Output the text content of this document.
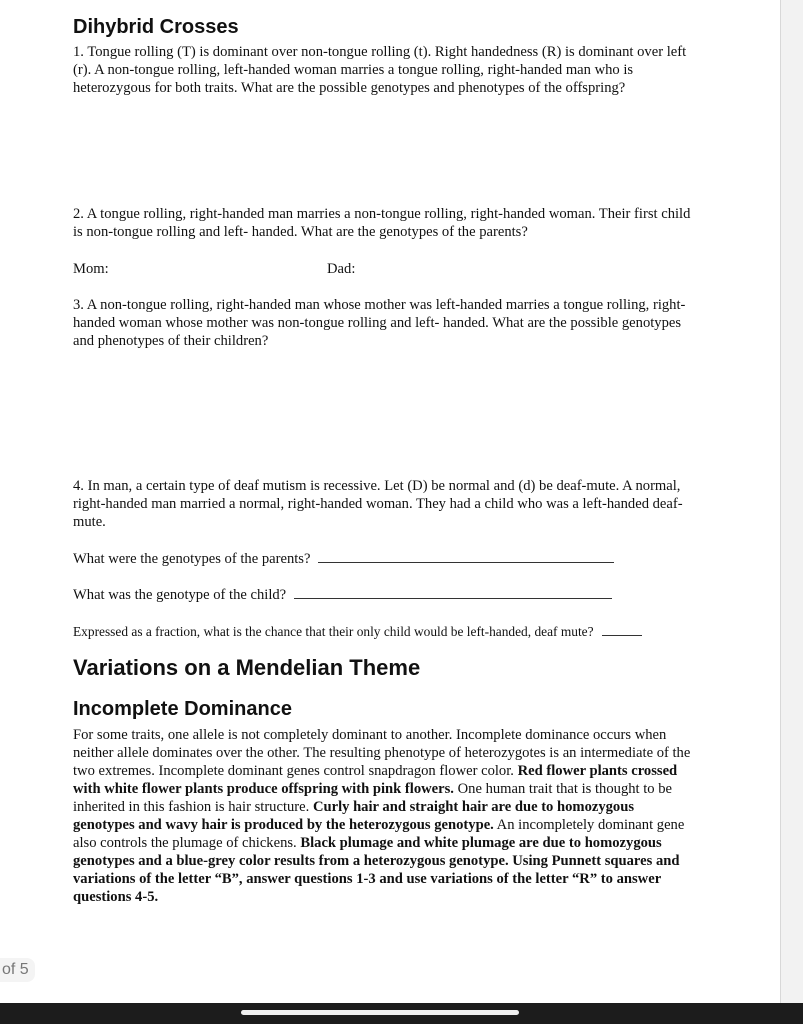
Dihybrid Crosses

1. Tongue rolling (T) is dominant over non-tongue rolling (t). Right handedness (R) is dominant over left (r). A non-tongue rolling, left-handed woman marries a tongue rolling, right-handed man who is heterozygous for both traits. What are the possible genotypes and phenotypes of the offspring?

2. A tongue rolling, right-handed man marries a non-tongue rolling, right-handed woman. Their first child is non-tongue rolling and left- handed. What are the genotypes of the parents?

Mom:	Dad:

3. A non-tongue rolling, right-handed man whose mother was left-handed marries a tongue rolling, right- handed woman whose mother was non-tongue rolling and left- handed. What are the possible genotypes and phenotypes of their children?

4. In man, a certain type of deaf mutism is recessive. Let (D) be normal and (d) be deaf-mute. A normal, right-handed man married a normal, right-handed woman. They had a child who was a left-handed deaf-mute.

What were the genotypes of the parents?
What was the genotype of the child?
Expressed as a fraction, what is the chance that their only child would be left-handed, deaf mute?
Variations on a Mendelian Theme
Incomplete Dominance

For some traits, one allele is not completely dominant to another. Incomplete dominance occurs when neither allele dominates over the other. The resulting phenotype of heterozygotes is an intermediate of the two extremes. Incomplete dominant genes control snapdragon flower color. Red flower plants crossed with white flower plants produce offspring with pink flowers. One human trait that is thought to be inherited in this fashion is hair structure. Curly hair and straight hair are due to homozygous genotypes and wavy hair is produced by the heterozygous genotype. An incompletely dominant gene also controls the plumage of chickens. Black plumage and white plumage are due to homozygous genotypes and a blue-grey color results from a heterozygous genotype. Using Punnett squares and variations of the letter “B”, answer questions 1-3 and use variations of the letter “R” to answer questions 4-5.

of 5
